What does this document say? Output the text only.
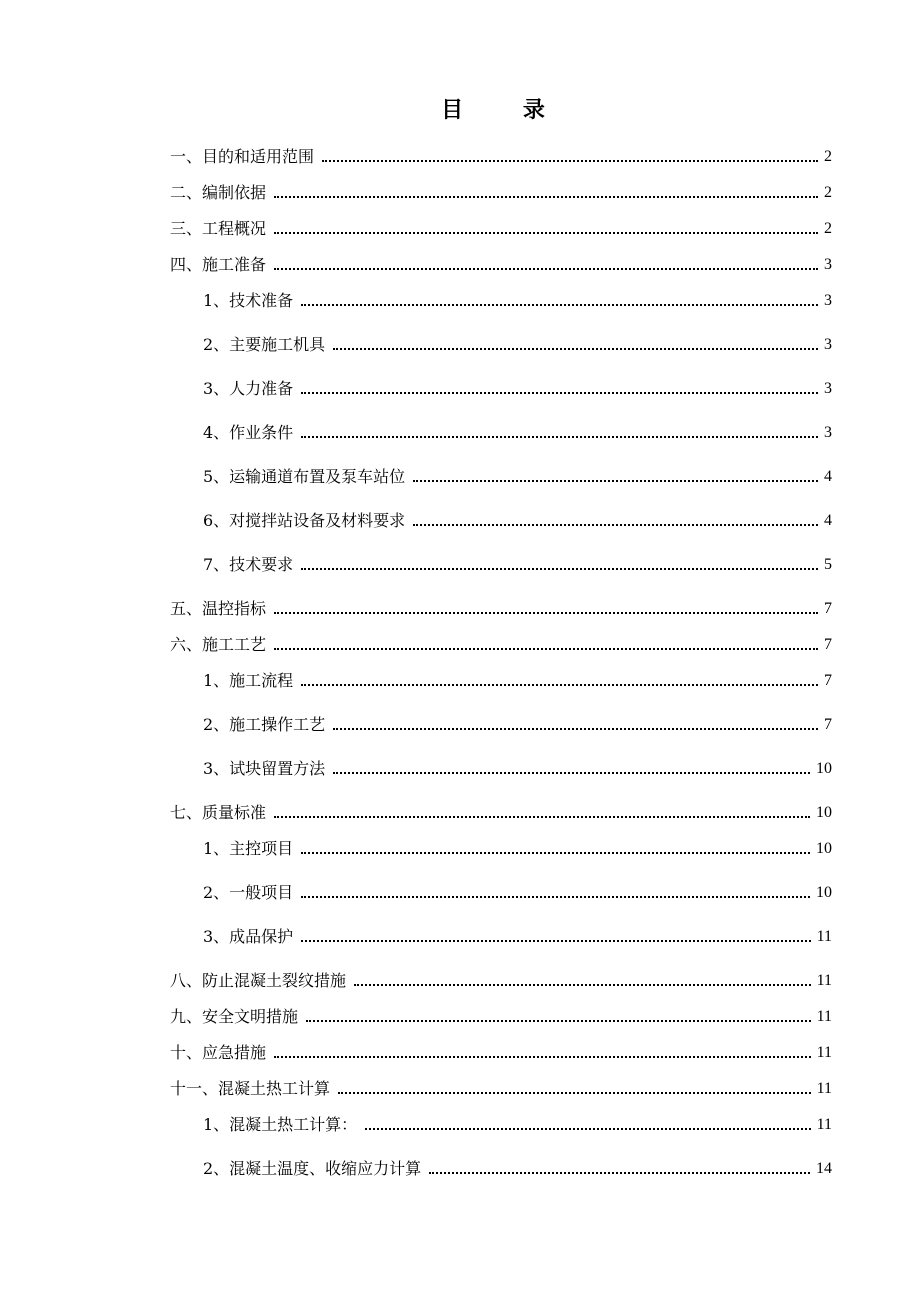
目 录
一、目的和适用范围	2
二、编制依据	2
三、工程概况	2
四、施工准备	3
1、技术准备	3
2、主要施工机具	3
3、人力准备	3
4、作业条件	3
5、运输通道布置及泵车站位	4
6、对搅拌站设备及材料要求	4
7、技术要求	5
五、温控指标	7
六、施工工艺	7
1、施工流程	7
2、施工操作工艺	7
3、试块留置方法	10
七、质量标准	10
1、主控项目	10
2、一般项目	10
3、成品保护	11
八、防止混凝土裂纹措施	11
九、安全文明措施	11
十、应急措施	11
十一、混凝土热工计算	11
1、混凝土热工计算：	11
2、混凝土温度、收缩应力计算	14
